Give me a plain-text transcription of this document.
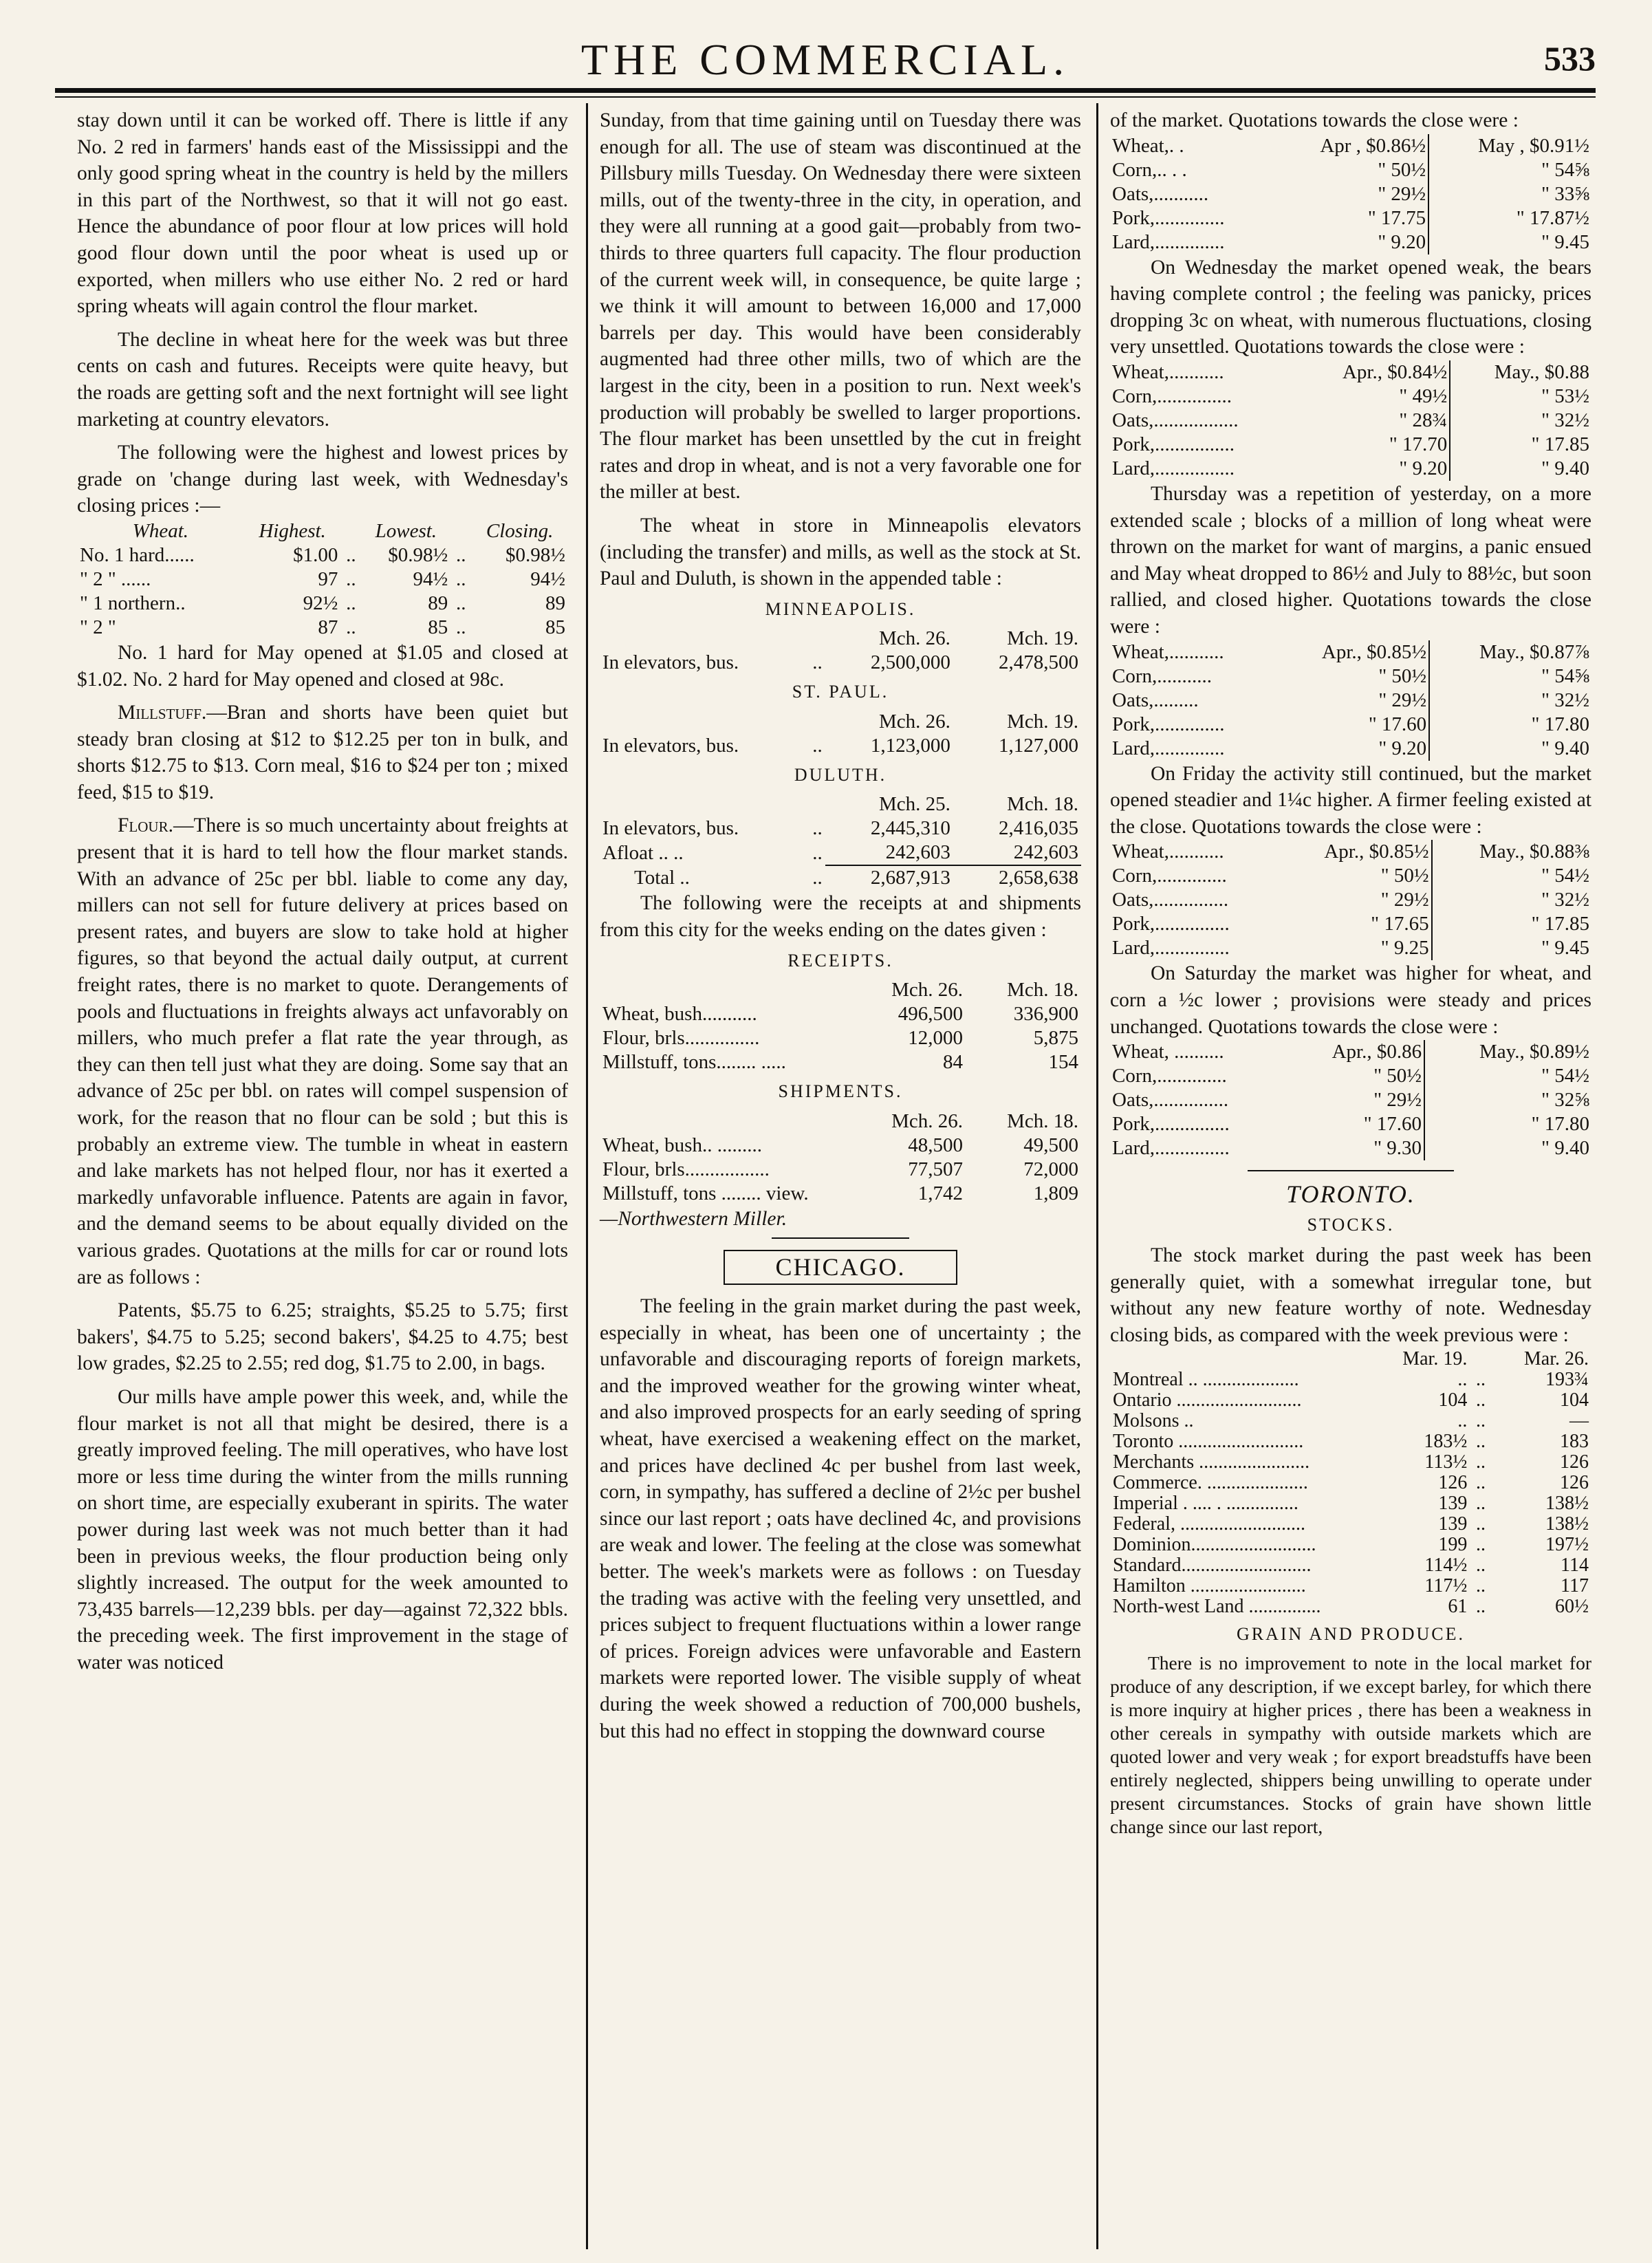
THE COMMERCIAL.	533

stay down until it can be worked off. There is little if any No. 2 red in farmers' hands east of the Mississippi and the only good spring wheat in the country is held by the millers in this part of the Northwest, so that it will not go east. Hence the abundance of poor flour at low prices will hold good flour down until the poor wheat is used up or exported, when millers who use either No. 2 red or hard spring wheats will again control the flour market.

The decline in wheat here for the week was but three cents on cash and futures. Receipts were quite heavy, but the roads are getting soft and the next fortnight will see light marketing at country elevators.

The following were the highest and lowest prices by grade on 'change during last week, with Wednesday's closing prices :—

Wheat.	Highest.		Lowest.		Closing.
No. 1 hard......	$1.00	..	$0.98½	..	$0.98½
" 2 " ......	97	..	94½	..	94½
" 1 northern..	92½	..	89	..	89
" 2 "	87	..	85	..	85

No. 1 hard for May opened at $1.05 and closed at $1.02. No. 2 hard for May opened and closed at 98c.

Millstuff.—Bran and shorts have been quiet but steady bran closing at $12 to $12.25 per ton in bulk, and shorts $12.75 to $13. Corn meal, $16 to $24 per ton ; mixed feed, $15 to $19.

Flour.—There is so much uncertainty about freights at present that it is hard to tell how the flour market stands. With an advance of 25c per bbl. liable to come any day, millers can not sell for future delivery at prices based on present rates, and buyers are slow to take hold at higher figures, so that beyond the actual daily output, at current freight rates, there is no market to quote. Derangements of pools and fluctuations in freights always act unfavorably on millers, who much prefer a flat rate the year through, as they can then tell just what they are doing. Some say that an advance of 25c per bbl. on rates will compel suspension of work, for the reason that no flour can be sold ; but this is probably an extreme view. The tumble in wheat in eastern and lake markets has not helped flour, nor has it exerted a markedly unfavorable influence. Patents are again in favor, and the demand seems to be about equally divided on the various grades. Quotations at the mills for car or round lots are as follows :

Patents, $5.75 to 6.25; straights, $5.25 to 5.75; first bakers', $4.75 to 5.25; second bakers', $4.25 to 4.75; best low grades, $2.25 to 2.55; red dog, $1.75 to 2.00, in bags.

Our mills have ample power this week, and, while the flour market is not all that might be desired, there is a greatly improved feeling. The mill operatives, who have lost more or less time during the winter from the mills running on short time, are especially exuberant in spirits. The water power during last week was not much better than it had been in previous weeks, the flour production being only slightly increased. The output for the week amounted to 73,435 barrels—12,239 bbls. per day—against 72,322 bbls. the preceding week. The first improvement in the stage of water was noticed

Sunday, from that time gaining until on Tuesday there was enough for all. The use of steam was discontinued at the Pillsbury mills Tuesday. On Wednesday there were sixteen mills, out of the twenty-three in the city, in operation, and they were all running at a good gait—probably from two-thirds to three quarters full capacity. The flour production of the current week will, in consequence, be quite large ; we think it will amount to between 16,000 and 17,000 barrels per day. This would have been considerably augmented had three other mills, two of which are the largest in the city, been in a position to run. Next week's production will probably be swelled to larger proportions. The flour market has been unsettled by the cut in freight rates and drop in wheat, and is not a very favorable one for the miller at best.

The wheat in store in Minneapolis elevators (including the transfer) and mills, as well as the stock at St. Paul and Duluth, is shown in the appended table :

MINNEAPOLIS.
		Mch. 26.	Mch. 19.
In elevators, bus.	..	2,500,000	2,478,500
ST. PAUL.
		Mch. 26.	Mch. 19.
In elevators, bus.	..	1,123,000	1,127,000
DULUTH.
		Mch. 25.	Mch. 18.
In elevators, bus.	..	2,445,310	2,416,035
Afloat .. ..	..	242,603	242,603
Total ..	..	2,687,913	2,658,638

The following were the receipts at and shipments from this city for the weeks ending on the dates given :

RECEIPTS.
	Mch. 26.	Mch. 18.
Wheat, bush...........	496,500	336,900
Flour, brls...............	12,000	5,875
Millstuff, tons........ .....	84	154
SHIPMENTS.
	Mch. 26.	Mch. 18.
Wheat, bush.. .........	48,500	49,500
Flour, brls.................	77,507	72,000
Millstuff, tons ........ view.	1,742	1,809

—Northwestern Miller.

CHICAGO.

The feeling in the grain market during the past week, especially in wheat, has been one of uncertainty ; the unfavorable and discouraging reports of foreign markets, and the improved weather for the growing winter wheat, and also improved prospects for an early seeding of spring wheat, have exercised a weakening effect on the market, and prices have declined 4c per bushel from last week, corn, in sympathy, has suffered a decline of 2½c per bushel since our last report ; oats have declined 4c, and provisions are weak and lower. The feeling at the close was somewhat better. The week's markets were as follows : on Tuesday the trading was active with the feeling very unsettled, and prices subject to frequent fluctuations within a lower range of prices. Foreign advices were unfavorable and Eastern markets were reported lower. The visible supply of wheat during the week showed a reduction of 700,000 bushels, but this had no effect in stopping the downward course

of the market. Quotations towards the close were :

Wheat,. .	Apr , $0.86½	May , $0.91½
Corn,.. . .	" 50½	" 54⅝
Oats,...........	" 29½	" 33⅝
Pork,..............	" 17.75	" 17.87½
Lard,..............	" 9.20	" 9.45

On Wednesday the market opened weak, the bears having complete control ; the feeling was panicky, prices dropping 3c on wheat, with numerous fluctuations, closing very unsettled. Quotations towards the close were :

Wheat,...........	Apr., $0.84½	May., $0.88
Corn,...............	" 49½	" 53½
Oats,.................	" 28¾	" 32½
Pork,................	" 17.70	" 17.85
Lard,................	" 9.20	" 9.40

Thursday was a repetition of yesterday, on a more extended scale ; blocks of a million of long wheat were thrown on the market for want of margins, a panic ensued and May wheat dropped to 86½ and July to 88½c, but soon rallied, and closed higher. Quotations towards the close were :

Wheat,...........	Apr., $0.85½	May., $0.87⅞
Corn,...........	" 50½	" 54⅝
Oats,.........	" 29½	" 32½
Pork,..............	" 17.60	" 17.80
Lard,..............	" 9.20	" 9.40

On Friday the activity still continued, but the market opened steadier and 1¼c higher. A firmer feeling existed at the close. Quotations towards the close were :

Wheat,...........	Apr., $0.85½	May., $0.88⅜
Corn,..............	" 50½	" 54½
Oats,...............	" 29½	" 32½
Pork,...............	" 17.65	" 17.85
Lard,...............	" 9.25	" 9.45

On Saturday the market was higher for wheat, and corn a ½c lower ; provisions were steady and prices unchanged. Quotations towards the close were :

Wheat, ..........	Apr., $0.86	May., $0.89½
Corn,..............	" 50½	" 54½
Oats,...............	" 29½	" 32⅝
Pork,...............	" 17.60	" 17.80
Lard,...............	" 9.30	" 9.40
TORONTO.
STOCKS.

The stock market during the past week has been generally quiet, with a somewhat irregular tone, but without any new feature worthy of note. Wednesday closing bids, as compared with the week previous were :

	Mar. 19.		Mar. 26.
Montreal .. ....................	..	..	193¾
Ontario ..........................	104	..	104
Molsons ..	..	..	—
Toronto ..........................	183½	..	183
Merchants .......................	113½	..	126
Commerce. .....................	126	..	126
Imperial . .... . ...............	139	..	138½
Federal, ..........................	139	..	138½
Dominion..........................	199	..	197½
Standard...........................	114½	..	114
Hamilton ........................	117½	..	117
North-west Land ...............	61	..	60½
GRAIN AND PRODUCE.

There is no improvement to note in the local market for produce of any description, if we except barley, for which there is more inquiry at higher prices , there has been a weakness in other cereals in sympathy with outside markets which are quoted lower and very weak ; for export breadstuffs have been entirely neglected, shippers being unwilling to operate under present circumstances. Stocks of grain have shown little change since our last report,
